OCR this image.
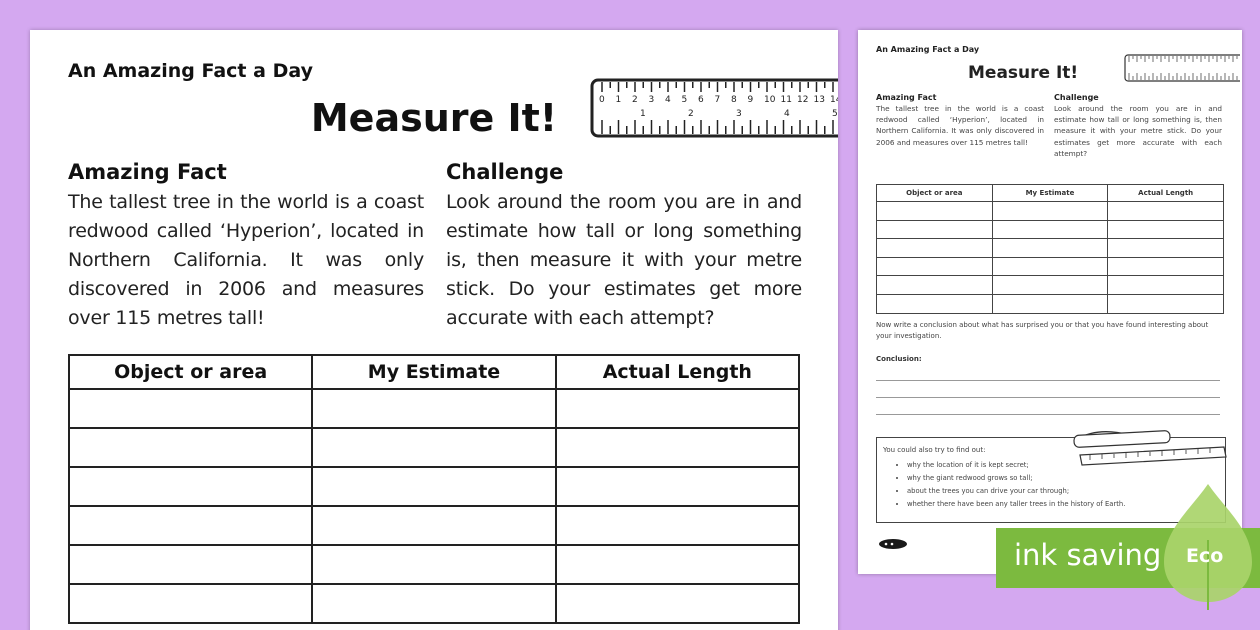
An Amazing Fact a Day
Measure It!	0 1 2 3 4 5 6 7 8 9 10 11 12 13 14
1	2	3	4	5
Amazing Fact

The tallest tree in the world is a coast redwood called ‘Hyperion’, located in Northern California. It was only discovered in 2006 and measures over 115 metres tall!

Challenge

Look around the room you are in and estimate how tall or long something is, then measure it with your metre stick. Do your estimates get more accurate with each attempt?

Object or area	My Estimate	Actual Length

An Amazing Fact a Day
Measure It!
Amazing Fact

The tallest tree in the world is a coast redwood called ‘Hyperion’, located in Northern California. It was only discovered in 2006 and measures over 115 metres tall!

Challenge

Look around the room you are in and estimate how tall or long something is, then measure it with your metre stick. Do your estimates get more accurate with each attempt?

Object or area	My Estimate	Actual Length

Now write a conclusion about what has surprised you or that you have found interesting about your investigation.
Conclusion:
You could also try to find out:
• why the location of it is kept secret;
• why the giant redwood grows so tall;
• about the trees you can drive your car through;
• whether there have been any taller trees in the history of Earth.
ink saving Eco
